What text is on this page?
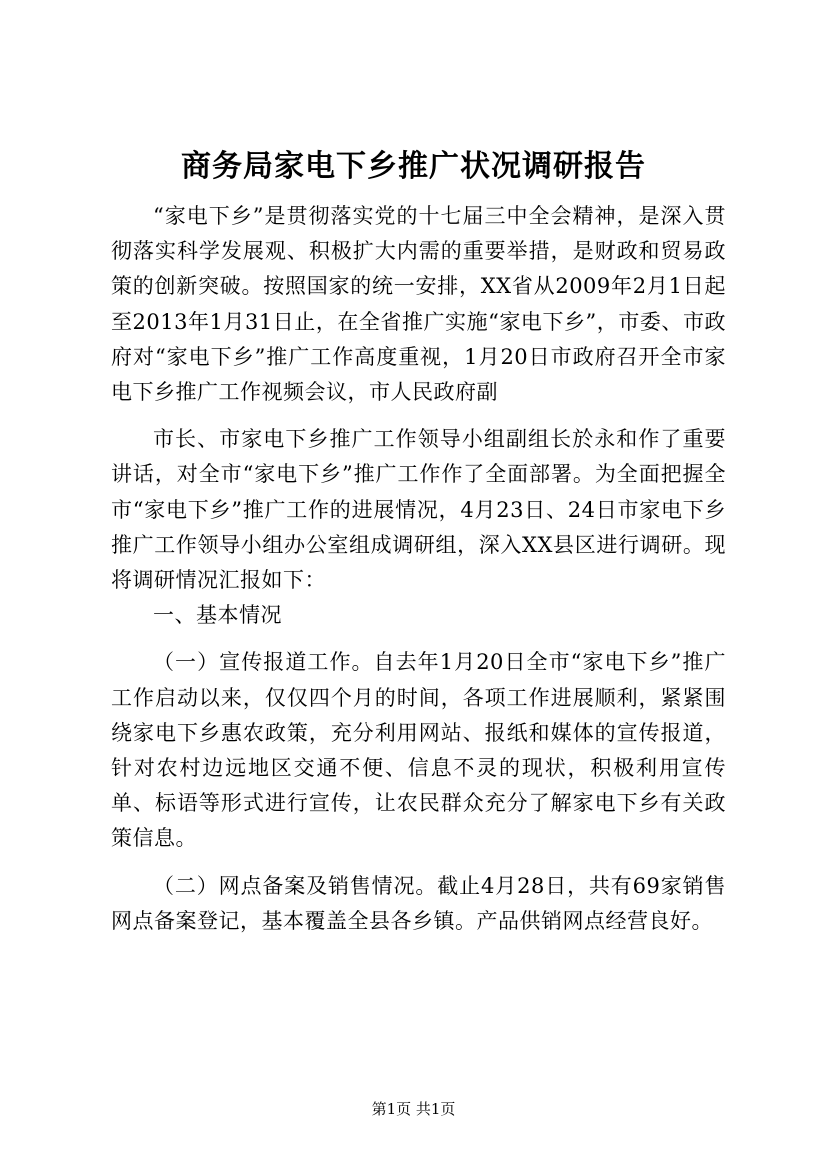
商务局家电下乡推广状况调研报告

“家电下乡”是贯彻落实党的十七届三中全会精神，是深入贯彻落实科学发展观、积极扩大内需的重要举措，是财政和贸易政策的创新突破。按照国家的统一安排，XX省从2009年2月1日起至2013年1月31日止，在全省推广实施“家电下乡”，市委、市政府对“家电下乡”推广工作高度重视，1月20日市政府召开全市家电下乡推广工作视频会议，市人民政府副

市长、市家电下乡推广工作领导小组副组长於永和作了重要讲话，对全市“家电下乡”推广工作作了全面部署。为全面把握全市“家电下乡”推广工作的进展情况，4月23日、24日市家电下乡推广工作领导小组办公室组成调研组，深入XX县区进行调研。现将调研情况汇报如下：

一、基本情况

（一）宣传报道工作。自去年1月20日全市“家电下乡”推广工作启动以来，仅仅四个月的时间，各项工作进展顺利，紧紧围绕家电下乡惠农政策，充分利用网站、报纸和媒体的宣传报道，针对农村边远地区交通不便、信息不灵的现状，积极利用宣传单、标语等形式进行宣传，让农民群众充分了解家电下乡有关政策信息。

（二）网点备案及销售情况。截止4月28日，共有69家销售网点备案登记，基本覆盖全县各乡镇。产品供销网点经营良好。

第1页 共1页
